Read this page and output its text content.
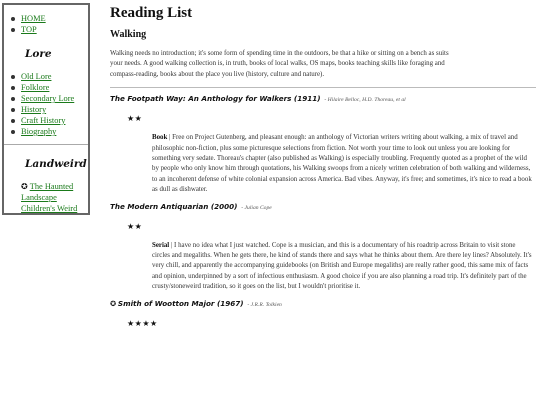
HOME
TOP
Lore
Old Lore
Folklore
Secondary Lore
History
Craft History
Biography
Landweird
✪ The Haunted Landscape
Children's Weird
Reading List
Walking

Walking needs no introduction; it's some form of spending time in the outdoors, be that a hike or sitting on a bench as suits your needs. A good walking collection is, in truth, books of local walks, OS maps, books teaching skills like foraging and compass-reading, books about the place you live (history, culture and nature).

The Footpath Way: An Anthology for Walkers (1911) - Hilaire Belloc, H.D. Thoreau, et al
★★
Book | Free on Project Gutenberg, and pleasant enough: an anthology of Victorian writers writing about walking, a mix of travel and philosophic non-fiction, plus some picturesque selections from fiction. Not worth your time to look out unless you are looking for something very sedate. Thoreau's chapter (also published as Walking) is especially troubling. Frequently quoted as a prophet of the wild by people who only know him through quotations, his Walking swoops from a nicely written celebration of both walking and wilderness, to an incoherent defense of white colonial expansion across America. Bad vibes. Anyway, it's free; and sometimes, it's nice to read a book as dull as dishwater.
The Modern Antiquarian (2000) - Julian Cope
★★
Serial | I have no idea what I just watched. Cope is a musician, and this is a documentary of his roadtrip across Britain to visit stone circles and megaliths. When he gets there, he kind of stands there and says what he thinks about them. Are there ley lines? Absolutely. It's very chill, and apparently the accompanying guidebooks (on British and Europe megaliths) are really rather good, this same mix of facts and opinion, underpinned by a sort of infectious enthusiasm. A good choice if you are also planning a road trip. It's definitely part of the crusty/stoneweird tradition, so it goes on the list, but I wouldn't prioritise it.
✪ Smith of Wootton Major (1967) - J.R.R. Tolkien
★★★★
